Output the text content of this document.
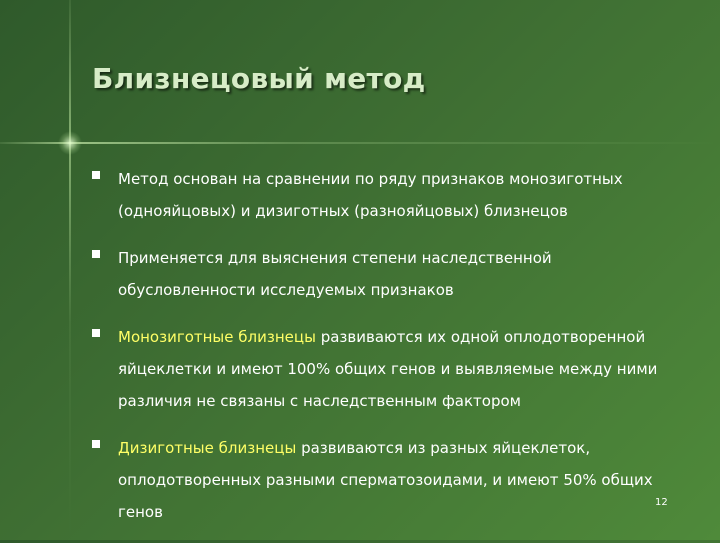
Близнецовый метод
Метод основан на сравнении по ряду признаков монозиготных (однояйцовых) и дизиготных (разнояйцовых) близнецов
Применяется для выяснения степени наследственной обусловленности исследуемых признаков
Монозиготные близнецы развиваются их одной оплодотворенной яйцеклетки и имеют 100% общих генов и выявляемые между ними различия не связаны с наследственным фактором
Дизиготные близнецы развиваются из разных яйцеклеток, оплодотворенных разными сперматозоидами, и имеют 50% общих генов
12
